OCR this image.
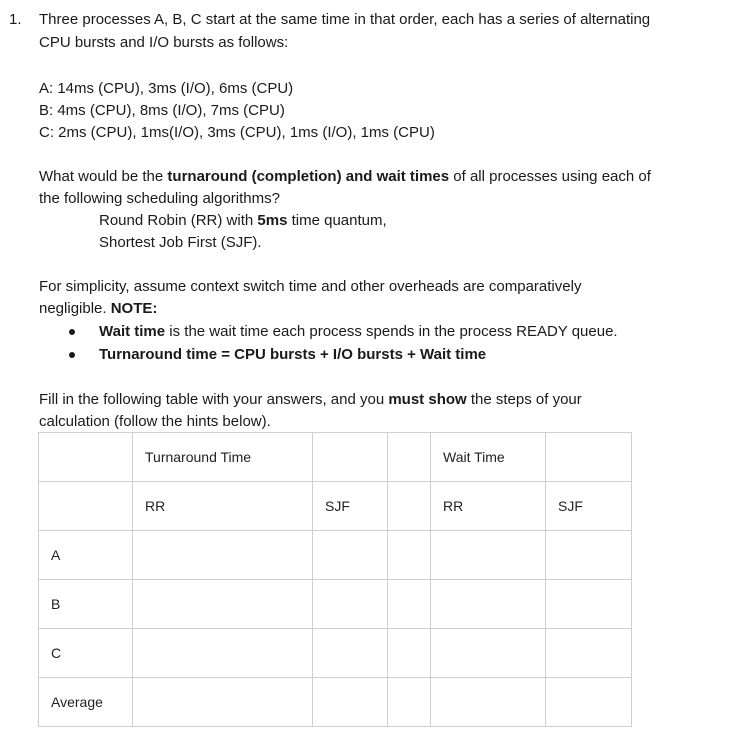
1. Three processes A, B, C start at the same time in that order, each has a series of alternating
CPU bursts and I/O bursts as follows:
A: 14ms (CPU), 3ms (I/O), 6ms (CPU)
B: 4ms (CPU), 8ms (I/O), 7ms (CPU)
C: 2ms (CPU), 1ms(I/O), 3ms (CPU), 1ms (I/O), 1ms (CPU)
What would be the turnaround (completion) and wait times of all processes using each of
the following scheduling algorithms?
Round Robin (RR) with 5ms time quantum,
Shortest Job First (SJF).
For simplicity, assume context switch time and other overheads are comparatively
negligible. NOTE:
Wait time is the wait time each process spends in the process READY queue.
Turnaround time = CPU bursts + I/O bursts + Wait time
Fill in the following table with your answers, and you must show the steps of your
calculation (follow the hints below).
	Turnaround Time			Wait Time	
	RR	SJF		RR	SJF
A					
B					
C					
Average					
